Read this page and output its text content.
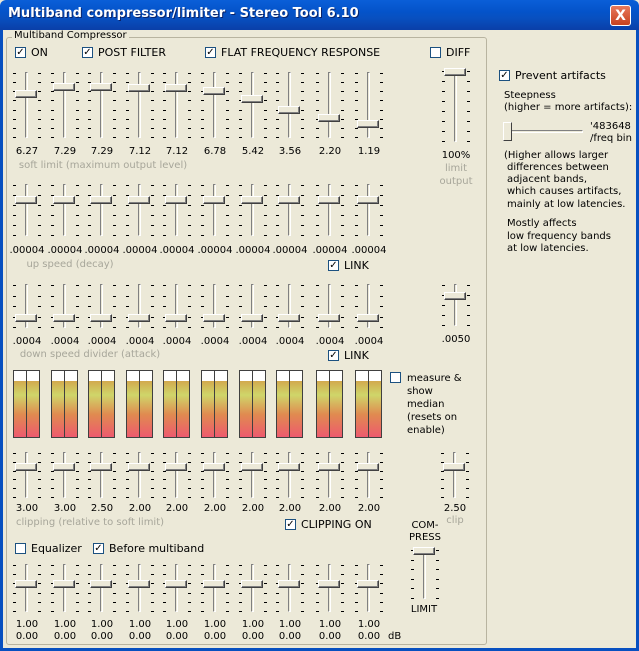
Multiband compressor/limiter - Stereo Tool 6.10	X
Multiband Compressor
✓
ON ✓	POST FILTER ✓	FLAT FREQUENCY RESPONSE	DIFF
6.27 7.29 7.29 7.12 7.12 6.78 5.42 3.56 2.20 1.19
soft limit (maximum output level)
100%
limit
output
.00004 .00004 .00004 .00004 .00004 .00004 .00004 .00004 .00004 .00004
up speed (decay) ✓	LINK
.0004 .0004 .0004 .0004 .0004 .0004 .0004 .0004 .0004 .0004
down speed divider (attack) ✓	LINK
.0050
measure & show median (resets on enable)
3.00 3.00 2.50 2.00 2.00 2.00 2.00 2.00 2.00 2.00
clipping (relative to soft limit)
2.50
clip
✓
CLIPPING ON	COM-
PRESS
LIMIT
Equalizer ✓ Before multiband
1.00 1.00 1.00 1.00 1.00 1.00 1.00 1.00 1.00 1.00
0.00 0.00 0.00 0.00 0.00 0.00 0.00 0.00 0.00 0.00 dB
✓
Prevent artifacts
Steepness
(higher = more artifacts):
'483648
/freq bin
(Higher allows larger
differences between
adjacent bands,
which causes artifacts,
mainly at low latencies.
Mostly affects
low frequency bands
at low latencies.
